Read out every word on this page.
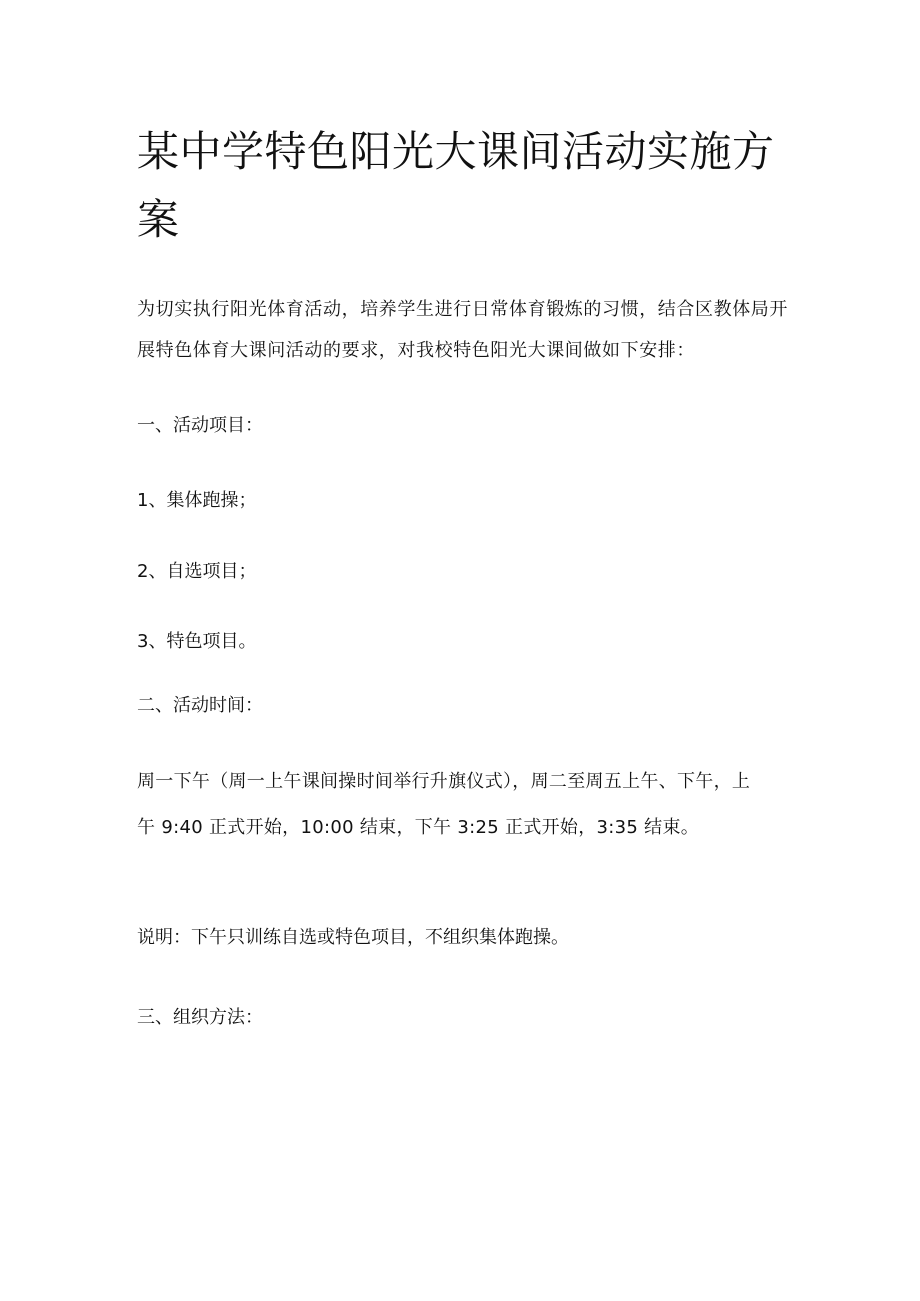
某中学特色阳光大课间活动实施方案

为切实执行阳光体育活动，培养学生进行日常体育锻炼的习惯，结合区教体局开展特色体育大课问活动的要求，对我校特色阳光大课间做如下安排：

一、活动项目：

1、集体跑操；

2、自选项目；

3、特色项目。

二、活动时间：

周一下午（周一上午课间操时间举行升旗仪式），周二至周五上午、下午，上午 9:40 正式开始，10:00 结束，下午 3:25 正式开始，3:35 结束。

说明：下午只训练自选或特色项目，不组织集体跑操。

三、组织方法：
